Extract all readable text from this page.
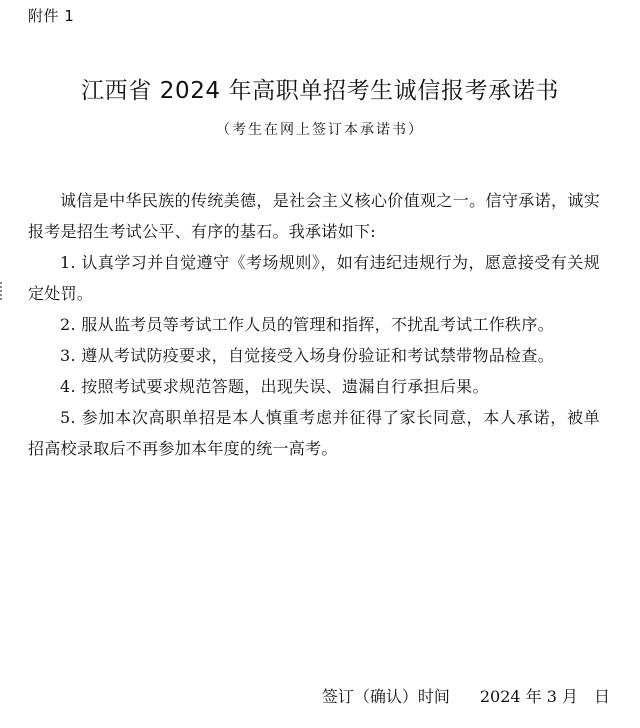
附件 1
江西省 2024 年高职单招考生诚信报考承诺书
（考生在网上签订本承诺书）

诚信是中华民族的传统美德，是社会主义核心价值观之一。信守承诺，诚实报考是招生考试公平、有序的基石。我承诺如下:

1. 认真学习并自觉遵守《考场规则》，如有违纪违规行为，愿意接受有关规定处罚。

2. 服从监考员等考试工作人员的管理和指挥，不扰乱考试工作秩序。

3. 遵从考试防疫要求，自觉接受入场身份验证和考试禁带物品检查。

4. 按照考试要求规范答题，出现失误、遗漏自行承担后果。

5. 参加本次高职单招是本人慎重考虑并征得了家长同意，本人承诺，被单招高校录取后不再参加本年度的统一高考。

签订（确认）时间 2024 年 3 月　日
